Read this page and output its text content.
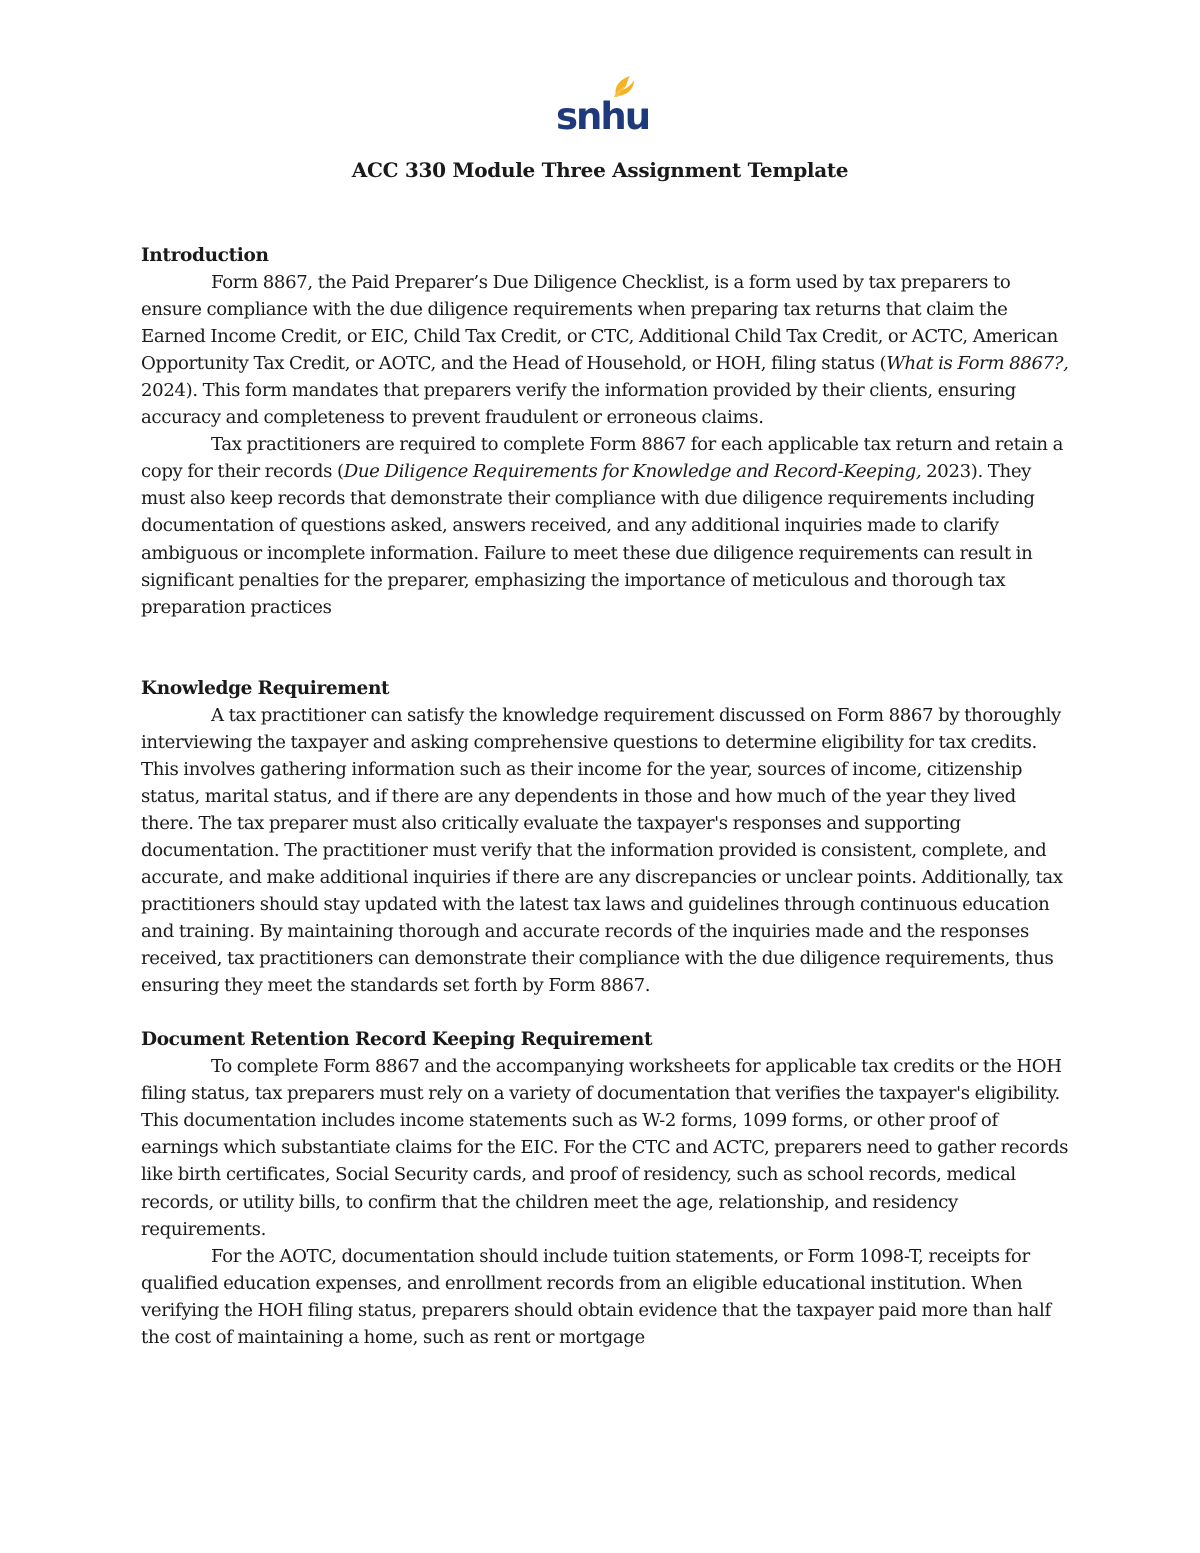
snhu
ACC 330 Module Three Assignment Template

Introduction

Form 8867, the Paid Preparer’s Due Diligence Checklist, is a form used by tax preparers to ensure compliance with the due diligence requirements when preparing tax returns that claim the Earned Income Credit, or EIC, Child Tax Credit, or CTC, Additional Child Tax Credit, or ACTC, American Opportunity Tax Credit, or AOTC, and the Head of Household, or HOH, filing status (What is Form 8867?, 2024). This form mandates that preparers verify the information provided by their clients, ensuring accuracy and completeness to prevent fraudulent or erroneous claims.

Tax practitioners are required to complete Form 8867 for each applicable tax return and retain a copy for their records (Due Diligence Requirements for Knowledge and Record-Keeping, 2023). They must also keep records that demonstrate their compliance with due diligence requirements including documentation of questions asked, answers received, and any additional inquiries made to clarify ambiguous or incomplete information. Failure to meet these due diligence requirements can result in significant penalties for the preparer, emphasizing the importance of meticulous and thorough tax preparation practices

Knowledge Requirement

A tax practitioner can satisfy the knowledge requirement discussed on Form 8867 by thoroughly interviewing the taxpayer and asking comprehensive questions to determine eligibility for tax credits. This involves gathering information such as their income for the year, sources of income, citizenship status, marital status, and if there are any dependents in those and how much of the year they lived there. The tax preparer must also critically evaluate the taxpayer's responses and supporting documentation. The practitioner must verify that the information provided is consistent, complete, and accurate, and make additional inquiries if there are any discrepancies or unclear points. Additionally, tax practitioners should stay updated with the latest tax laws and guidelines through continuous education and training. By maintaining thorough and accurate records of the inquiries made and the responses received, tax practitioners can demonstrate their compliance with the due diligence requirements, thus ensuring they meet the standards set forth by Form 8867.

Document Retention Record Keeping Requirement

To complete Form 8867 and the accompanying worksheets for applicable tax credits or the HOH filing status, tax preparers must rely on a variety of documentation that verifies the taxpayer's eligibility. This documentation includes income statements such as W-2 forms, 1099 forms, or other proof of earnings which substantiate claims for the EIC. For the CTC and ACTC, preparers need to gather records like birth certificates, Social Security cards, and proof of residency, such as school records, medical records, or utility bills, to confirm that the children meet the age, relationship, and residency requirements.

For the AOTC, documentation should include tuition statements, or Form 1098-T, receipts for qualified education expenses, and enrollment records from an eligible educational institution. When verifying the HOH filing status, preparers should obtain evidence that the taxpayer paid more than half the cost of maintaining a home, such as rent or mortgage
